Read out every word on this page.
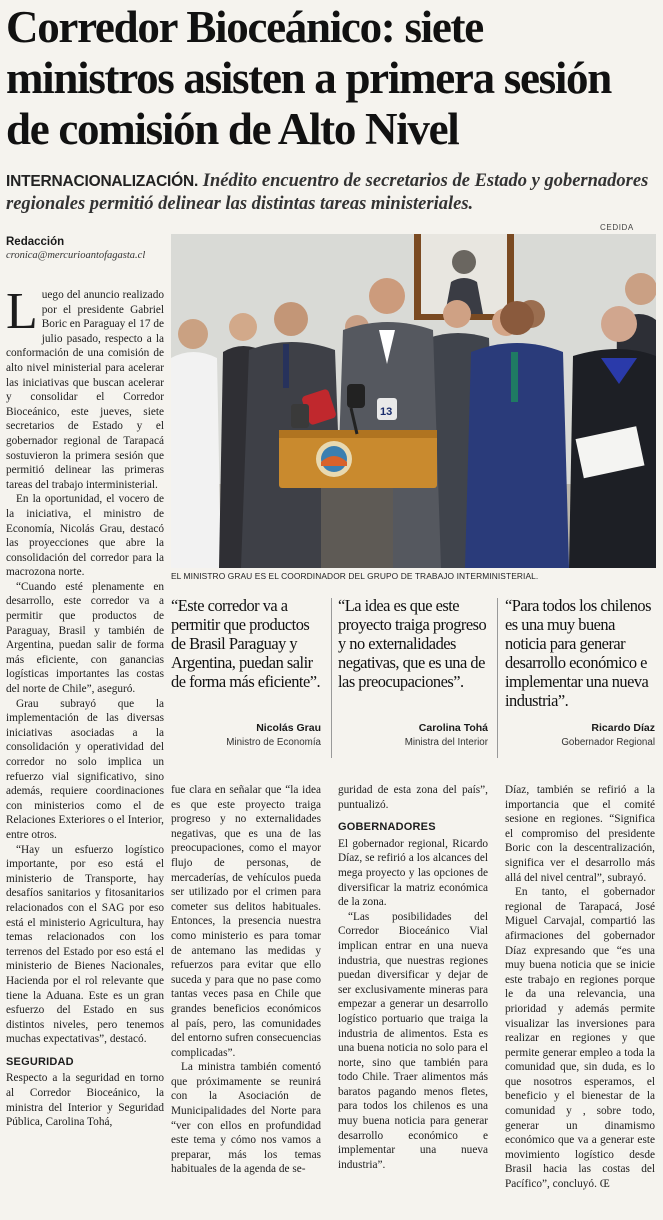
Corredor Bioceánico: siete ministros asisten a primera sesión de comisión de Alto Nivel
INTERNACIONALIZACIÓN. Inédito encuentro de secretarios de Estado y gobernadores regionales permitió delinear las distintas tareas ministeriales.
Redacción
cronica@mercurioantofagasta.cl
CEDIDA
13
EL MINISTRO GRAU ES EL COORDINADOR DEL GRUPO DE TRABAJO INTERMINISTERIAL.

Luego del anuncio realizado por el presidente Gabriel Boric en Paraguay el 17 de julio pasado, respecto a la conformación de una comisión de alto nivel ministerial para acelerar las iniciativas que buscan acelerar y consolidar el Corredor Bioceánico, este jueves, siete secretarios de Estado y el gobernador regional de Tarapacá sostuvieron la primera sesión que permitió delinear las primeras tareas del trabajo interministerial.

En la oportunidad, el vocero de la iniciativa, el ministro de Economía, Nicolás Grau, destacó las proyecciones que abre la consolidación del corredor para la macrozona norte.

“Cuando esté plenamente en desarrollo, este corredor va a permitir que productos de Paraguay, Brasil y también de Argentina, puedan salir de forma más eficiente, con ganancias logísticas importantes las costas del norte de Chile”, aseguró.

Grau subrayó que la implementación de las diversas iniciativas asociadas a la consolidación y operatividad del corredor no solo implica un refuerzo vial significativo, sino además, requiere coordinaciones con ministerios como el de Relaciones Exteriores o el Interior, entre otros.

“Hay un esfuerzo logístico importante, por eso está el ministerio de Transporte, hay desafíos sanitarios y fitosanitarios relacionados con el SAG por eso está el ministerio Agricultura, hay temas relacionados con los terrenos del Estado por eso está el ministerio de Bienes Nacionales, Hacienda por el rol relevante que tiene la Aduana. Este es un gran esfuerzo del Estado en sus distintos niveles, pero tenemos muchas expectativas”, destacó.

SEGURIDAD

Respecto a la seguridad en torno al Corredor Bioceánico, la ministra del Interior y Seguridad Pública, Carolina Tohá,

“Este corredor va a permitir que productos de Brasil Paraguay y Argentina, puedan salir de forma más eficiente”.
Nicolás Grau
Ministro de Economía
“La idea es que este proyecto traiga progreso y no externalidades negativas, que es una de las preocupaciones”.
Carolina Tohá
Ministra del Interior
“Para todos los chilenos es una muy buena noticia para generar desarrollo económico e implementar una nueva industria”.
Ricardo Díaz
Gobernador Regional

fue clara en señalar que “la idea es que este proyecto traiga progreso y no externalidades negativas, que es una de las preocupaciones, como el mayor flujo de personas, de mercaderías, de vehículos pueda ser utilizado por el crimen para cometer sus delitos habituales. Entonces, la presencia nuestra como ministerio es para tomar de antemano las medidas y refuerzos para evitar que ello suceda y para que no pase como tantas veces pasa en Chile que grandes beneficios económicos al país, pero, las comunidades del entorno sufren consecuencias complicadas”.

La ministra también comentó que próximamente se reunirá con la Asociación de Municipalidades del Norte para “ver con ellos en profundidad este tema y cómo nos vamos a preparar, más los temas habituales de la agenda de se-

guridad de esta zona del país”, puntualizó.

GOBERNADORES

El gobernador regional, Ricardo Díaz, se refirió a los alcances del mega proyecto y las opciones de diversificar la matriz económica de la zona.

“Las posibilidades del Corredor Bioceánico Vial implican entrar en una nueva industria, que nuestras regiones puedan diversificar y dejar de ser exclusivamente mineras para empezar a generar un desarrollo logístico portuario que traiga la industria de alimentos. Esta es una buena noticia no solo para el norte, sino que también para todo Chile. Traer alimentos más baratos pagando menos fletes, para todos los chilenos es una muy buena noticia para generar desarrollo económico e implementar una nueva industria”.

Díaz, también se refirió a la importancia que el comité sesione en regiones. “Significa el compromiso del presidente Boric con la descentralización, significa ver el desarrollo más allá del nivel central”, subrayó.

En tanto, el gobernador regional de Tarapacá, José Miguel Carvajal, compartió las afirmaciones del gobernador Díaz expresando que “es una muy buena noticia que se inicie este trabajo en regiones porque le da una relevancia, una prioridad y además permite visualizar las inversiones para realizar en regiones y que permite generar empleo a toda la comunidad que, sin duda, es lo que nosotros esperamos, el beneficio y el bienestar de la comunidad y , sobre todo, generar un dinamismo económico que va a generar este movimiento logístico desde Brasil hacia las costas del Pacífico”, concluyó. Œ
